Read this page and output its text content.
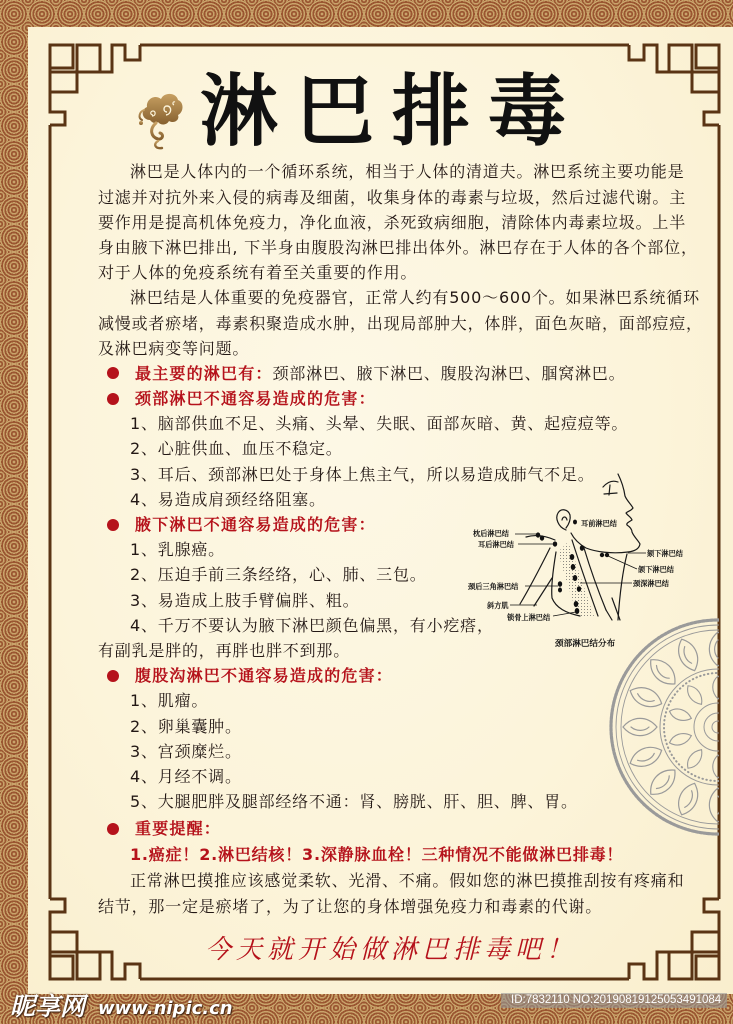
淋巴排毒
淋巴是人体内的一个循环系统，相当于人体的清道夫。淋巴系统主要功能是
过滤并对抗外来入侵的病毒及细菌，收集身体的毒素与垃圾，然后过滤代谢。主
要作用是提高机体免疫力，净化血液，杀死致病细胞，清除体内毒素垃圾。上半
身由腋下淋巴排出, 下半身由腹股沟淋巴排出体外。淋巴存在于人体的各个部位，
对于人体的免疫系统有着至关重要的作用。
淋巴结是人体重要的免疫器官，正常人约有500～600个。如果淋巴系统循环
减慢或者瘀堵，毒素积聚造成水肿，出现局部肿大，体胖，面色灰暗，面部痘痘，
及淋巴病变等问题。
最主要的淋巴有：颈部淋巴、腋下淋巴、腹股沟淋巴、腘窝淋巴。
颈部淋巴不通容易造成的危害：
1、脑部供血不足、头痛、头晕、失眠、面部灰暗、黄、起痘痘等。
2、心脏供血、血压不稳定。
3、耳后、颈部淋巴处于身体上焦主气，所以易造成肺气不足。
4、易造成肩颈经络阻塞。
腋下淋巴不通容易造成的危害：
1、乳腺癌。
2、压迫手前三条经络，心、肺、三包。
3、易造成上肢手臂偏胖、粗。
4、千万不要认为腋下淋巴颜色偏黑，有小疙瘩，
有副乳是胖的，再胖也胖不到那。
腹股沟淋巴不通容易造成的危害：
1、肌瘤。
2、卵巢囊肿。
3、宫颈糜烂。
4、月经不调。
5、大腿肥胖及腿部经络不通：肾、膀胱、肝、胆、脾、胃。
重要提醒：
1.癌症！2.淋巴结核！3.深静脉血栓！三种情况不能做淋巴排毒！
正常淋巴摸推应该感觉柔软、光滑、不痛。假如您的淋巴摸推刮按有疼痛和
结节，那一定是瘀堵了，为了让您的身体增强免疫力和毒素的代谢。
耳前淋巴结
枕后淋巴结
耳后淋巴结
颏下淋巴结
颌下淋巴结
颈深淋巴结
颈后三角淋巴结
斜方肌
锁骨上淋巴结
颈部淋巴结分布
今天就开始做淋巴排毒吧！
昵享网 www.nipic.cn	ID:7832110 NO:20190819125053491084
